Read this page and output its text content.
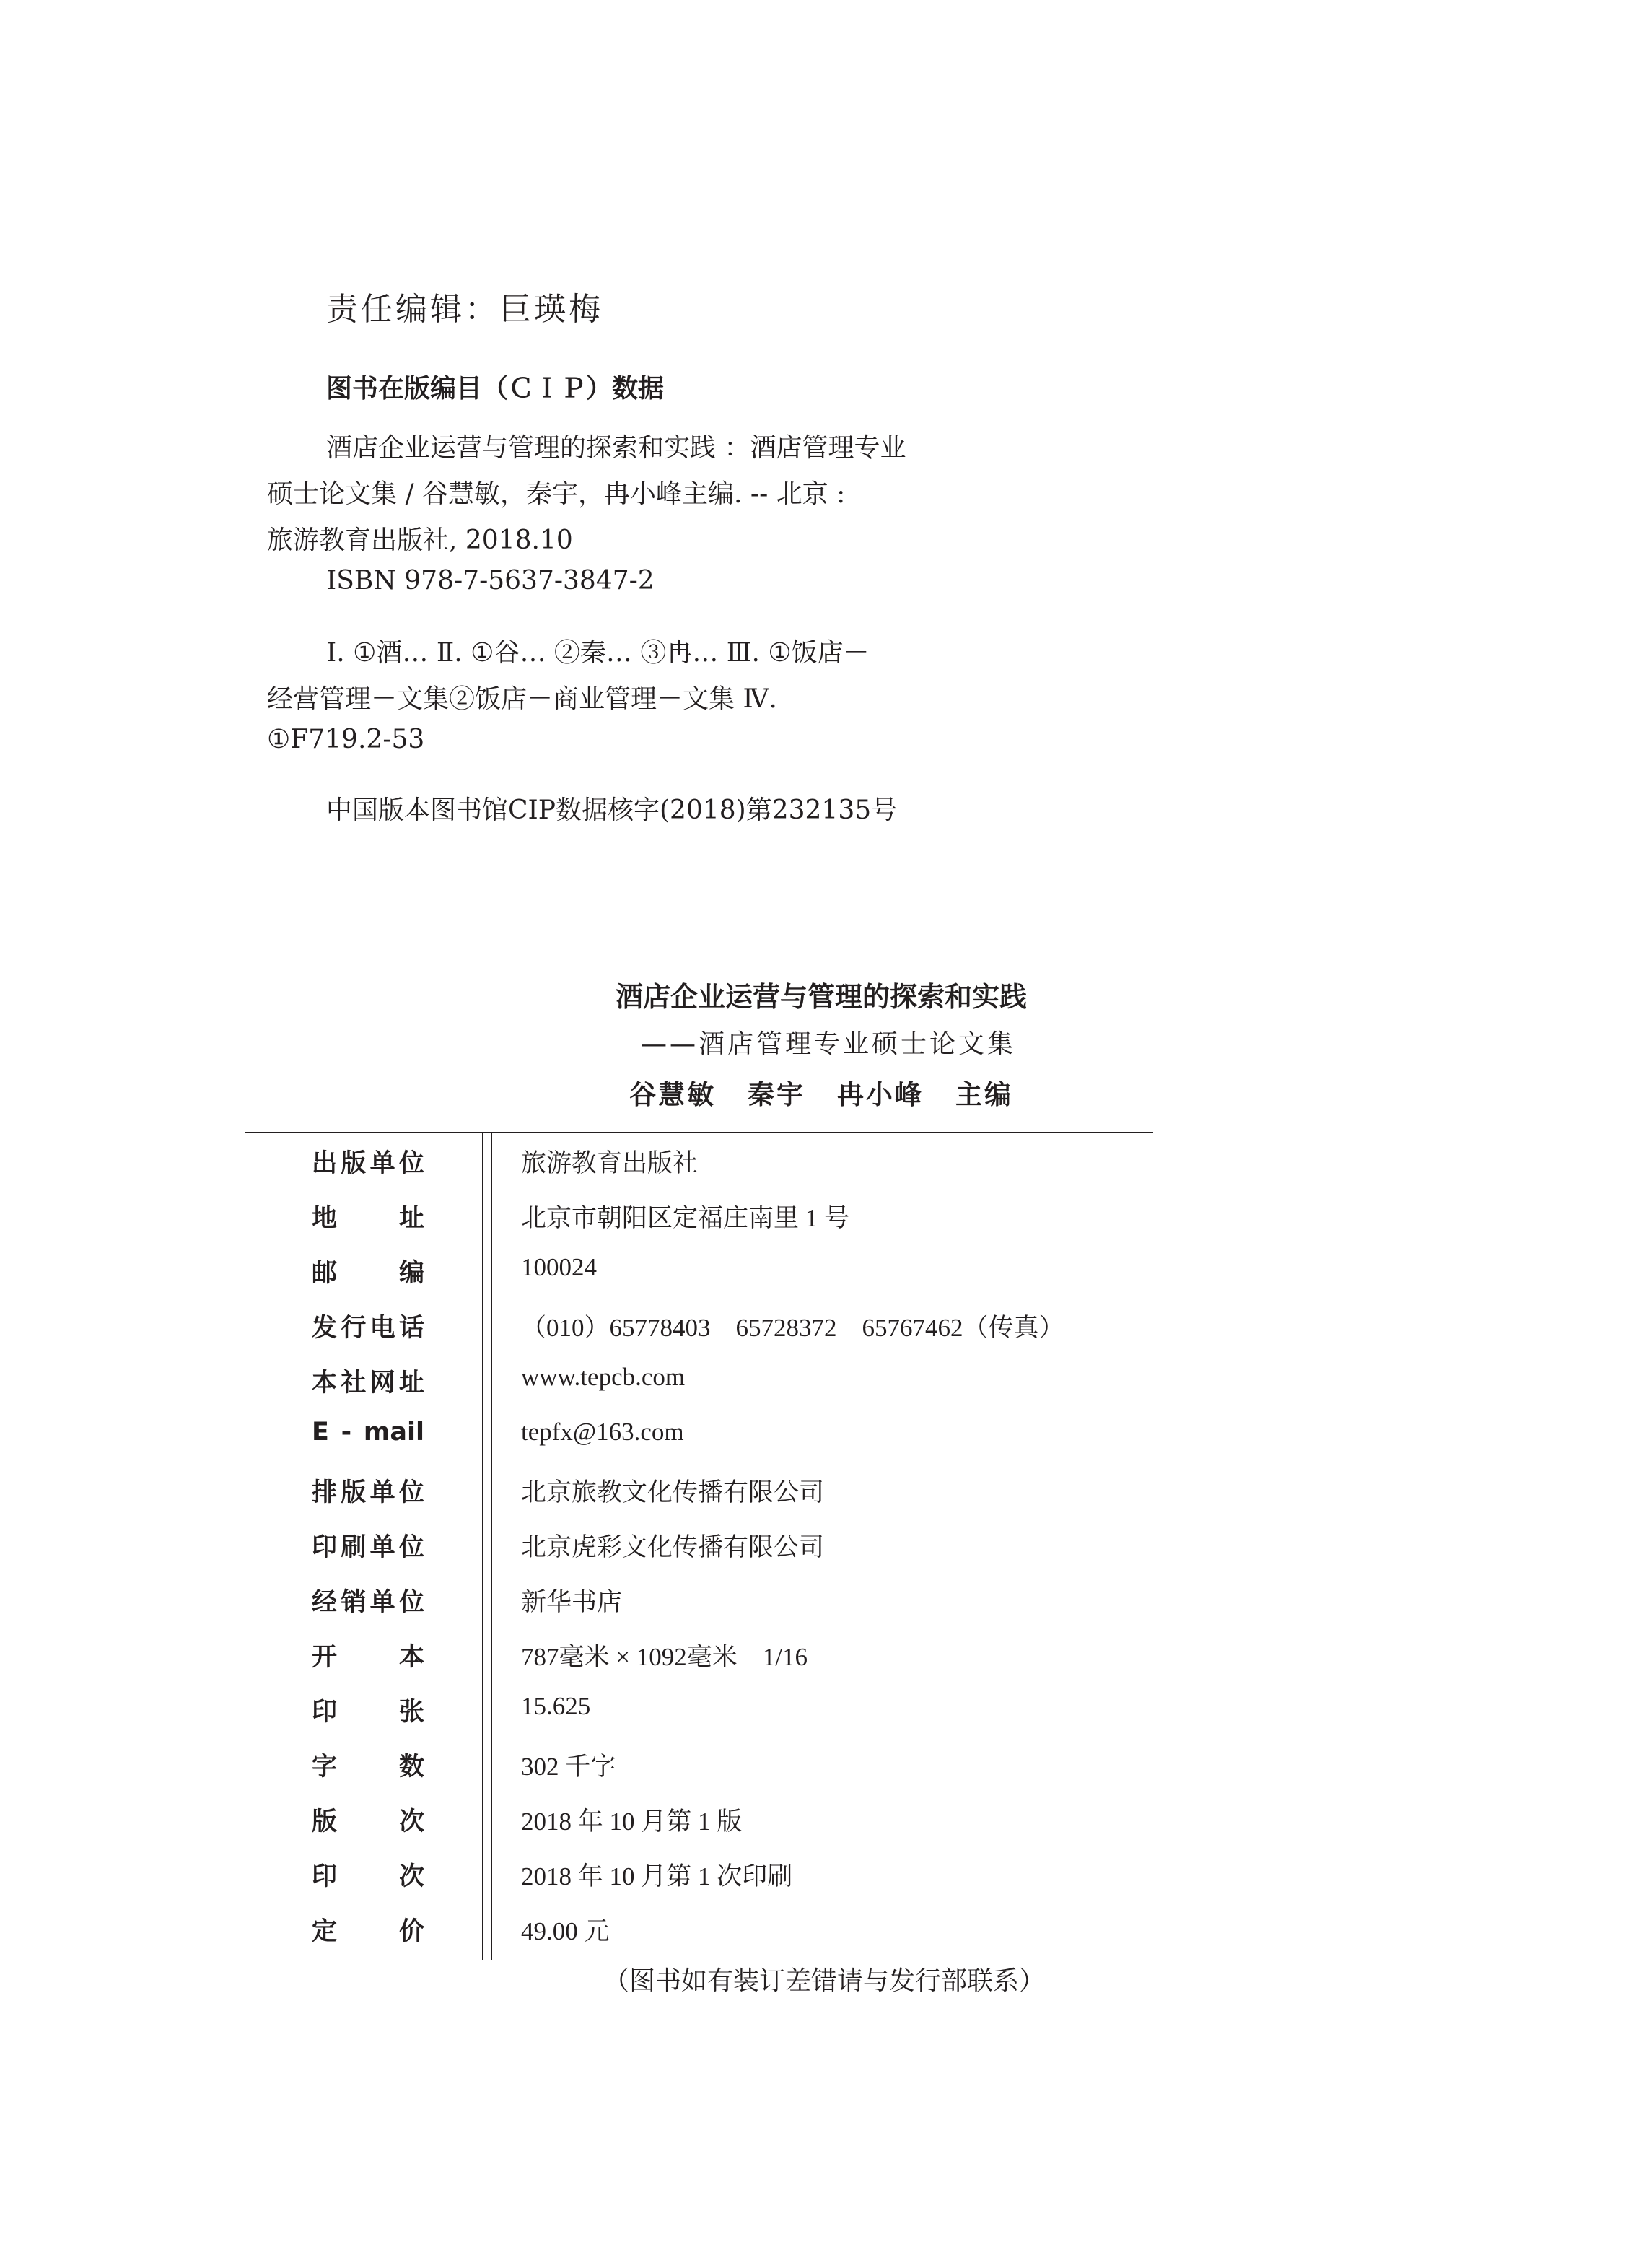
责任编辑：巨瑛梅
图书在版编目（ＣＩＰ）数据
酒店企业运营与管理的探索和实践 ：酒店管理专业
硕士论文集 / 谷慧敏，秦宇，冉小峰主编. -- 北京 :
旅游教育出版社, 2018.10
ISBN 978-7-5637-3847-2
Ⅰ. ①酒… Ⅱ. ①谷… ②秦… ③冉… Ⅲ. ①饭店－
经营管理－文集②饭店－商业管理－文集 Ⅳ.
①F719.2-53
中国版本图书馆CIP数据核字(2018)第232135号
酒店企业运营与管理的探索和实践
——酒店管理专业硕士论文集
谷慧敏 秦宇 冉小峰 主编
出版单位	旅游教育出版社
地址	北京市朝阳区定福庄南里 1 号
邮编	100024
发行电话	（010）65778403　65728372　65767462（传真）
本社网址	www.tepcb.com
E - mail	tepfx@163.com
排版单位	北京旅教文化传播有限公司
印刷单位	北京虎彩文化传播有限公司
经销单位	新华书店
开本	787毫米 × 1092毫米　1/16
印张	15.625
字数	302 千字
版次	2018 年 10 月第 1 版
印次	2018 年 10 月第 1 次印刷
定价	49.00 元
（图书如有装订差错请与发行部联系）
